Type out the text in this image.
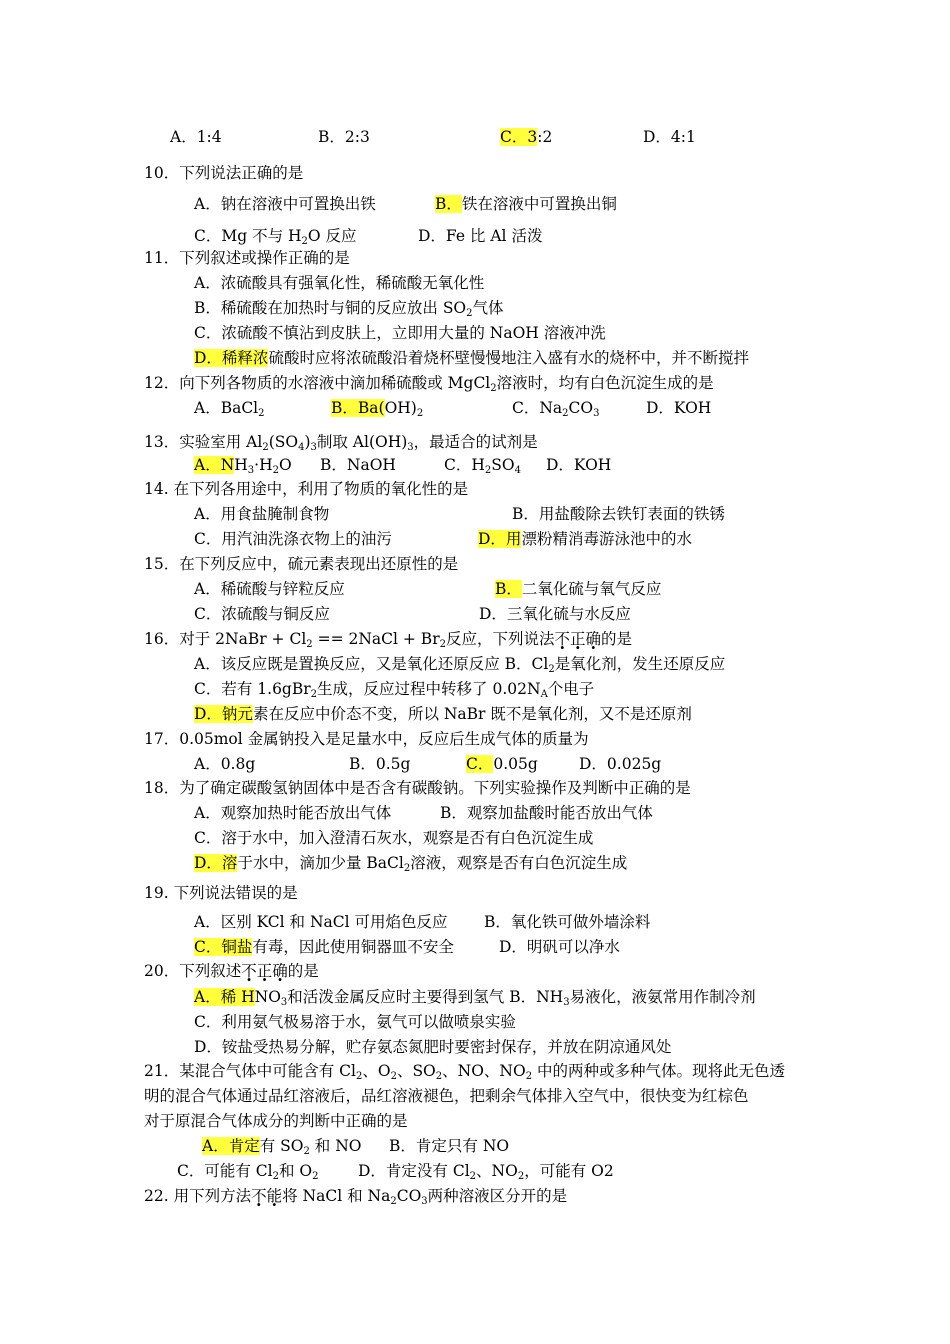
A．1:4	B．2:3	C．3:2	D．4:1
10．下列说法正确的是
A．钠在溶液中可置换出铁	B．铁在溶液中可置换出铜
C．Mg 不与 $H_2O$ 反应	D．Fe 比 Al 活泼
11．下列叙述或操作正确的是
A．浓硫酸具有强氧化性，稀硫酸无氧化性
B．稀硫酸在加热时与铜的反应放出 $SO_2$气体
C．浓硫酸不慎沾到皮肤上，立即用大量的 NaOH 溶液冲洗
D．稀释浓硫酸时应将浓硫酸沿着烧杯壁慢慢地注入盛有水的烧杯中，并不断搅拌
12．向下列各物质的水溶液中滴加稀硫酸或 MgCl$_2$溶液时，均有白色沉淀生成的是
A．BaCl$_2$	B．$Ba(OH)_2$	C．$Na_2CO_3$	D．KOH
13．实验室用 $Al_2(SO_4)_3$制取 $Al(OH)_3$，最适合的试剂是
A．$NH_3\cdot H_2O$ B．NaOH	C．$H_2SO_4$ D．KOH
14. 在下列各用途中，利用了物质的氧化性的是
A．用食盐腌制食物	B．用盐酸除去铁钉表面的铁锈
C．用汽油洗涤衣物上的油污	D．用漂粉精消毒游泳池中的水
15．在下列反应中，硫元素表现出还原性的是
A．稀硫酸与锌粒反应	B．二氧化硫与氧气反应
C．浓硫酸与铜反应	D．三氧化硫与水反应
16．对于 2NaBr + $Cl_2$ == 2NaCl + $Br_2$反应，下列说法不正确的是
A．该反应既是置换反应，又是氧化还原反应 B．$Cl_2$是氧化剂，发生还原反应
C．若有 1.6gBr$_2$生成，反应过程中转移了 $0.02N_A$个电子
D．钠元素在反应中价态不变，所以 NaBr 既不是氧化剂，又不是还原剂
17．0.05mol 金属钠投入是足量水中，反应后生成气体的质量为
A．0.8g	B．0.5g	C．0.05g	D．0.025g
18．为了确定碳酸氢钠固体中是否含有碳酸钠。下列实验操作及判断中正确的是
A．观察加热时能否放出气体	B．观察加盐酸时能否放出气体
C．溶于水中，加入澄清石灰水，观察是否有白色沉淀生成
D．溶于水中，滴加少量 BaCl$_2$溶液，观察是否有白色沉淀生成
19. 下列说法错误的是
A．区别 KCl 和 NaCl 可用焰色反应 B．氧化铁可做外墙涂料
C．铜盐有毒，因此使用铜器皿不安全	D．明矾可以净水
20．下列叙述不正确的是
A．稀 $HNO_3$和活泼金属反应时主要得到氢气 B．$NH_3$易液化，液氨常用作制冷剂
C．利用氨气极易溶于水，氨气可以做喷泉实验
D．铵盐受热易分解，贮存氨态氮肥时要密封保存，并放在阴凉通风处
21．某混合气体中可能含有 $Cl_2$、$O_2$、$SO_2$、NO、$NO_2$ 中的两种或多种气体。现将此无色透
明的混合气体通过品红溶液后，品红溶液褪色，把剩余气体排入空气中，很快变为红棕色
对于原混合气体成分的判断中正确的是
A．肯定有 $SO_2$ 和 NO B．肯定只有 NO
C．可能有 $Cl_2$和 $O_2$	D．肯定没有 $Cl_2$、$NO_2$，可能有 O2
22. 用下列方法不能将 NaCl 和 $Na_2CO_3$两种溶液区分开的是
